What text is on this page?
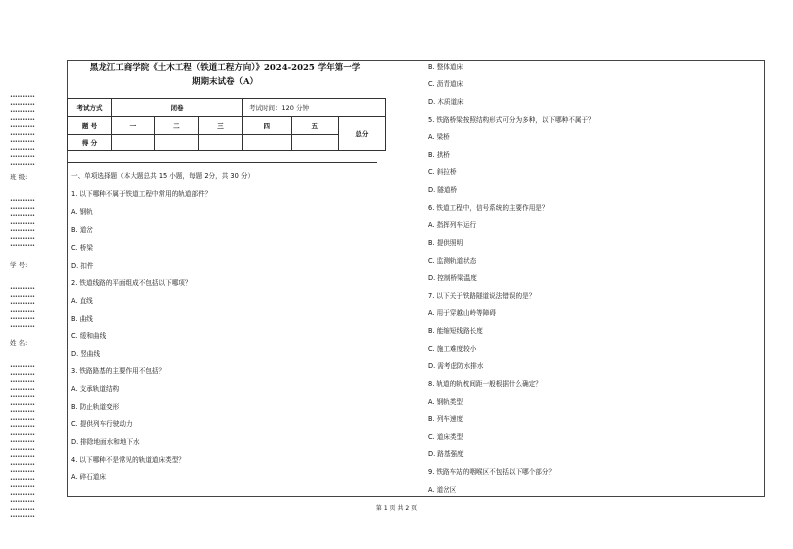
••••••••••
••••••••••
••••••••••
••••••••••
••••••••••
••••••••••
••••••••••
••••••••••
••••••••••
••••••••••
班 级:
••••••••••
••••••••••
••••••••••
••••••••••
••••••••••
••••••••••
••••••••••
学 号:
••••••••••
••••••••••
••••••••••
••••••••••
••••••••••
••••••••••
姓 名:
••••••••••
••••••••••
••••••••••
••••••••••
••••••••••
••••••••••
••••••••••
••••••••••
••••••••••
••••••••••
••••••••••
••••••••••
••••••••••
••••••••••
••••••••••
••••••••••
••••••••••
••••••••••
••••••••••
••••••••••
••••••••••
黑龙江工商学院《土木工程（铁道工程方向）》2024-2025 学年第一学
期期末试卷（A）
考试方式	闭卷			考试时间：120 分钟		
题 号	一	二	三	四	五	总分
得 分						
一、单项选择题（本大题总共 15 小题，每题 2分，共 30 分）
1. 以下哪种不属于铁道工程中常用的轨道部件？
A. 钢轨
B. 道岔
C. 桥梁
D. 扣件
2. 铁道线路的平面组成不包括以下哪项？
A. 直线
B. 曲线
C. 缓和曲线
D. 竖曲线
3. 铁路路基的主要作用不包括？
A. 支承轨道结构
B. 防止轨道变形
C. 提供列车行驶动力
D. 排除地面水和地下水
4. 以下哪种不是常见的轨道道床类型？
A. 碎石道床
B. 整体道床
C. 沥青道床
D. 木质道床
5. 铁路桥梁按照结构形式可分为多种，以下哪种不属于？
A. 梁桥
B. 拱桥
C. 斜拉桥
D. 隧道桥
6. 铁道工程中，信号系统的主要作用是？
A. 指挥列车运行
B. 提供照明
C. 监测轨道状态
D. 控制桥梁温度
7. 以下关于铁路隧道说法错误的是？
A. 用于穿越山岭等障碍
B. 能缩短线路长度
C. 施工难度较小
D. 需考虑防水排水
8. 轨道的轨枕间距一般根据什么确定？
A. 钢轨类型
B. 列车速度
C. 道床类型
D. 路基强度
9. 铁路车站的咽喉区不包括以下哪个部分？
A. 道岔区
第 1 页 共 2 页
